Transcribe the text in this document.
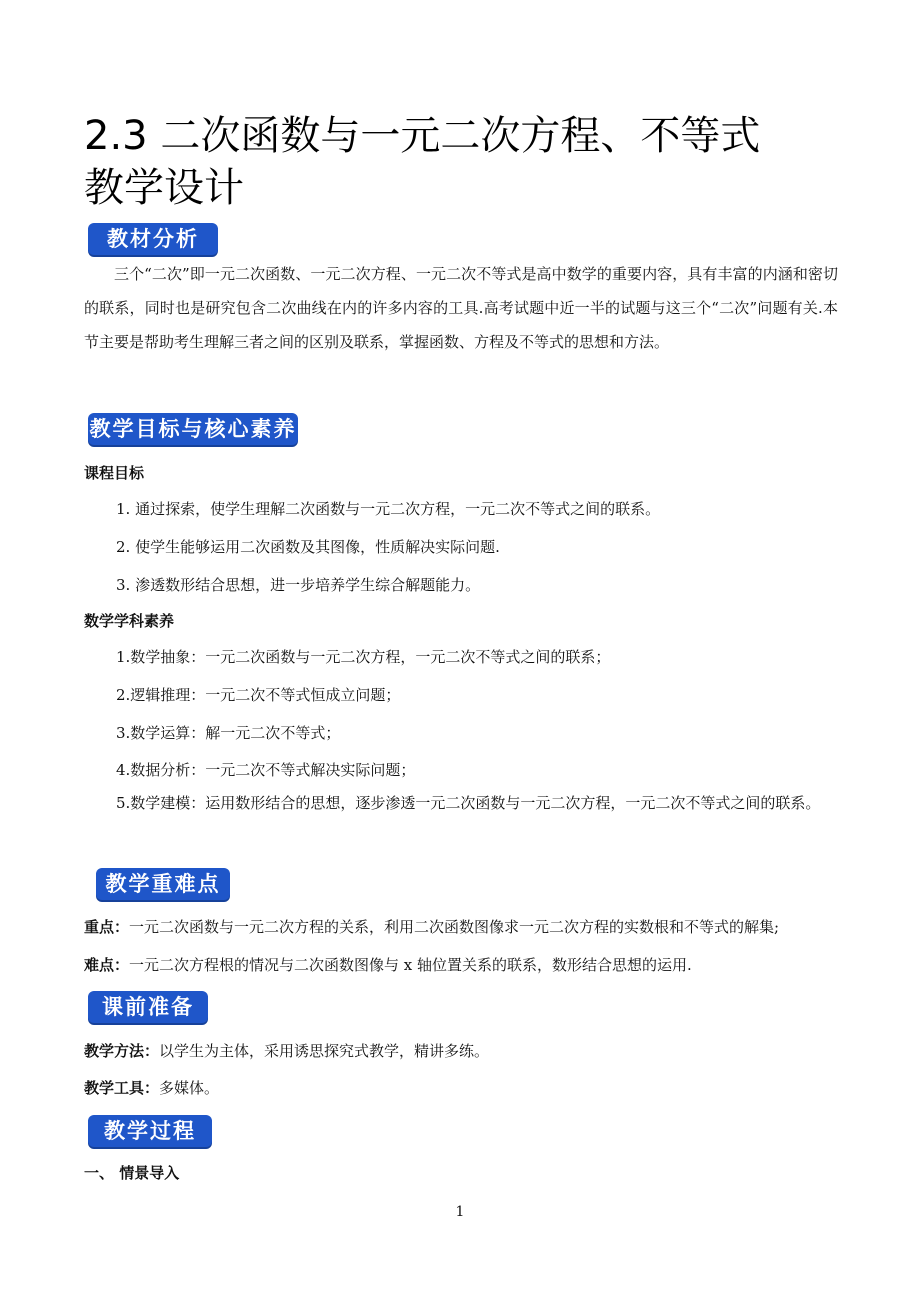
2.3 二次函数与一元二次方程、不等式
教学设计
教材分析
三个“二次”即一元二次函数、一元二次方程、一元二次不等式是高中数学的重要内容，具有丰富的内涵和密切的联系，同时也是研究包含二次曲线在内的许多内容的工具.高考试题中近一半的试题与这三个“二次”问题有关.本节主要是帮助考生理解三者之间的区别及联系，掌握函数、方程及不等式的思想和方法。
教学目标与核心素养
课程目标
1. 通过探索，使学生理解二次函数与一元二次方程，一元二次不等式之间的联系。
2. 使学生能够运用二次函数及其图像，性质解决实际问题.
3. 渗透数形结合思想，进一步培养学生综合解题能力。
数学学科素养
1.数学抽象：一元二次函数与一元二次方程，一元二次不等式之间的联系；
2.逻辑推理：一元二次不等式恒成立问题；
3.数学运算：解一元二次不等式；
4.数据分析：一元二次不等式解决实际问题；
5.数学建模：运用数形结合的思想，逐步渗透一元二次函数与一元二次方程，一元二次不等式之间的联系。
教学重难点
重点：一元二次函数与一元二次方程的关系，利用二次函数图像求一元二次方程的实数根和不等式的解集;
难点：一元二次方程根的情况与二次函数图像与 x 轴位置关系的联系，数形结合思想的运用.
课前准备
教学方法：以学生为主体，采用诱思探究式教学，精讲多练。
教学工具：多媒体。
教学过程
一、 情景导入
1
